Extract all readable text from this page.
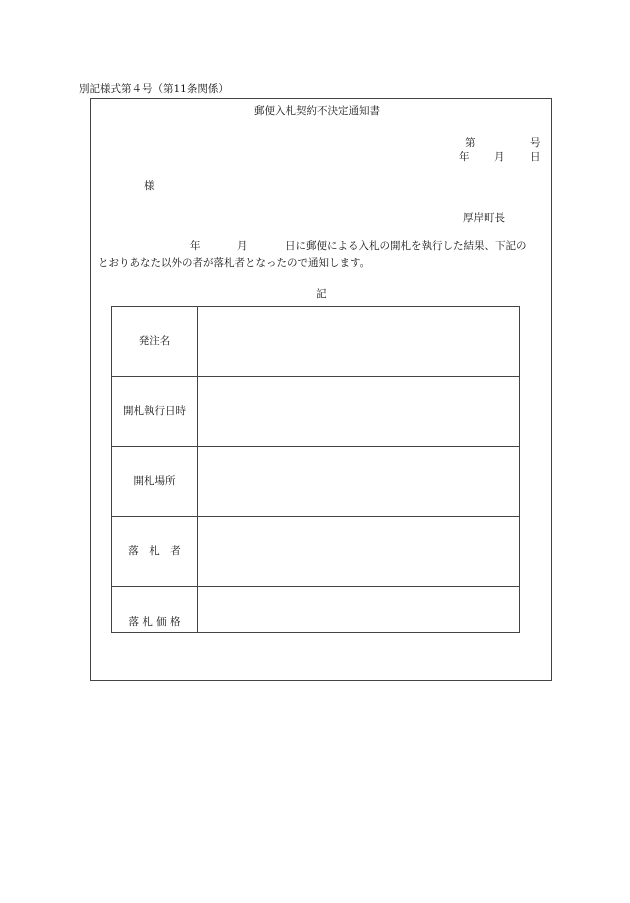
別記様式第４号（第11条関係）
郵便入札契約不決定通知書
第	号
年 月 日
様
厚岸町長
年	月	日に郵便による入札の開札を執行した結果、下記の
とおりあなた以外の者が落札者となったので通知します。
記
発注名
開札執行日時
開札場所
落　札　者
落 札 価 格
